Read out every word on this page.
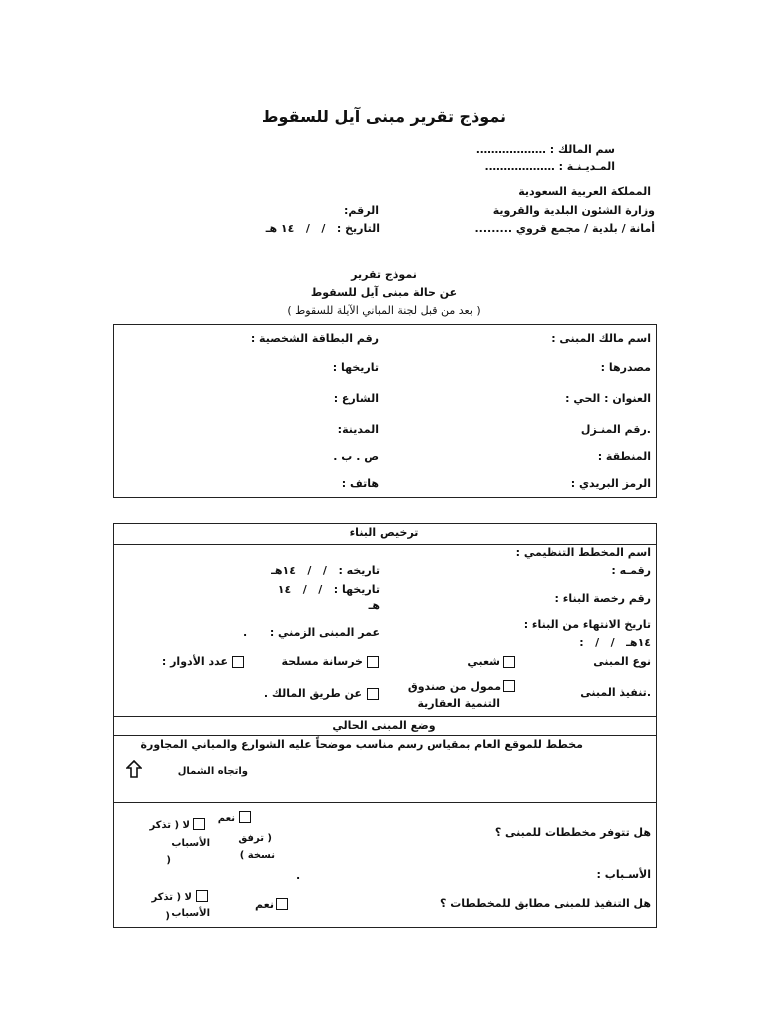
نموذج تقرير مبنى آيل للسقوط
سم المالك : ……………….
المـديـنـة : ……………….
المملكة العربية السعودية
وزارة الشئون البلدية والقروية
أمانة / بلدية / مجمع قروي .........
الرقم:
التاريخ :   /   /   ١٤ هـ
نموذج تقرير
عن حالة مبنى آيل للسقوط
( بعد من قبل لجنة المباني الآيلة للسقوط )
اسم مالك المبنى :
رقم البطاقة الشخصية :
مصدرها :
تاريخها :
العنوان : الحي :
الشارع :
.رقم المنـزل
المدينة:
المنطقة :
ص . ب .
الرمز البريدي :
هاتف :
ترخيص البناء
اسم المخطط التنظيمي :
رقمـه :
تاريخه :   /   /   ١٤هـ
تاريخها :   /   /   ١٤
هـ
رقم رخصة البناء :
تاريخ الانتهاء من البناء :
:   /   /   ١٤هـ
عمر المبنى الزمني :
.
نوع المبنى
شعبي
خرسانة مسلحة
عدد الأدوار :
.تنفيذ المبنى
ممول من صندوق
التنمية العقارية
عن طريق المالك .
وضع المبنى الحالي
مخطط للموقع العام بمقياس رسم مناسب موضحاً عليه الشوارع والمباني المجاورة
واتجاه الشمال
هل تتوفر مخططات للمبنى ؟
نعم
( ترفق
نسخة )
لا ( تذكر
الأسباب
(
الأسـباب :
.
هل التنفيذ للمبنى مطابق للمخططات ؟
نعم
لا ( تذكر
الأسباب
(
